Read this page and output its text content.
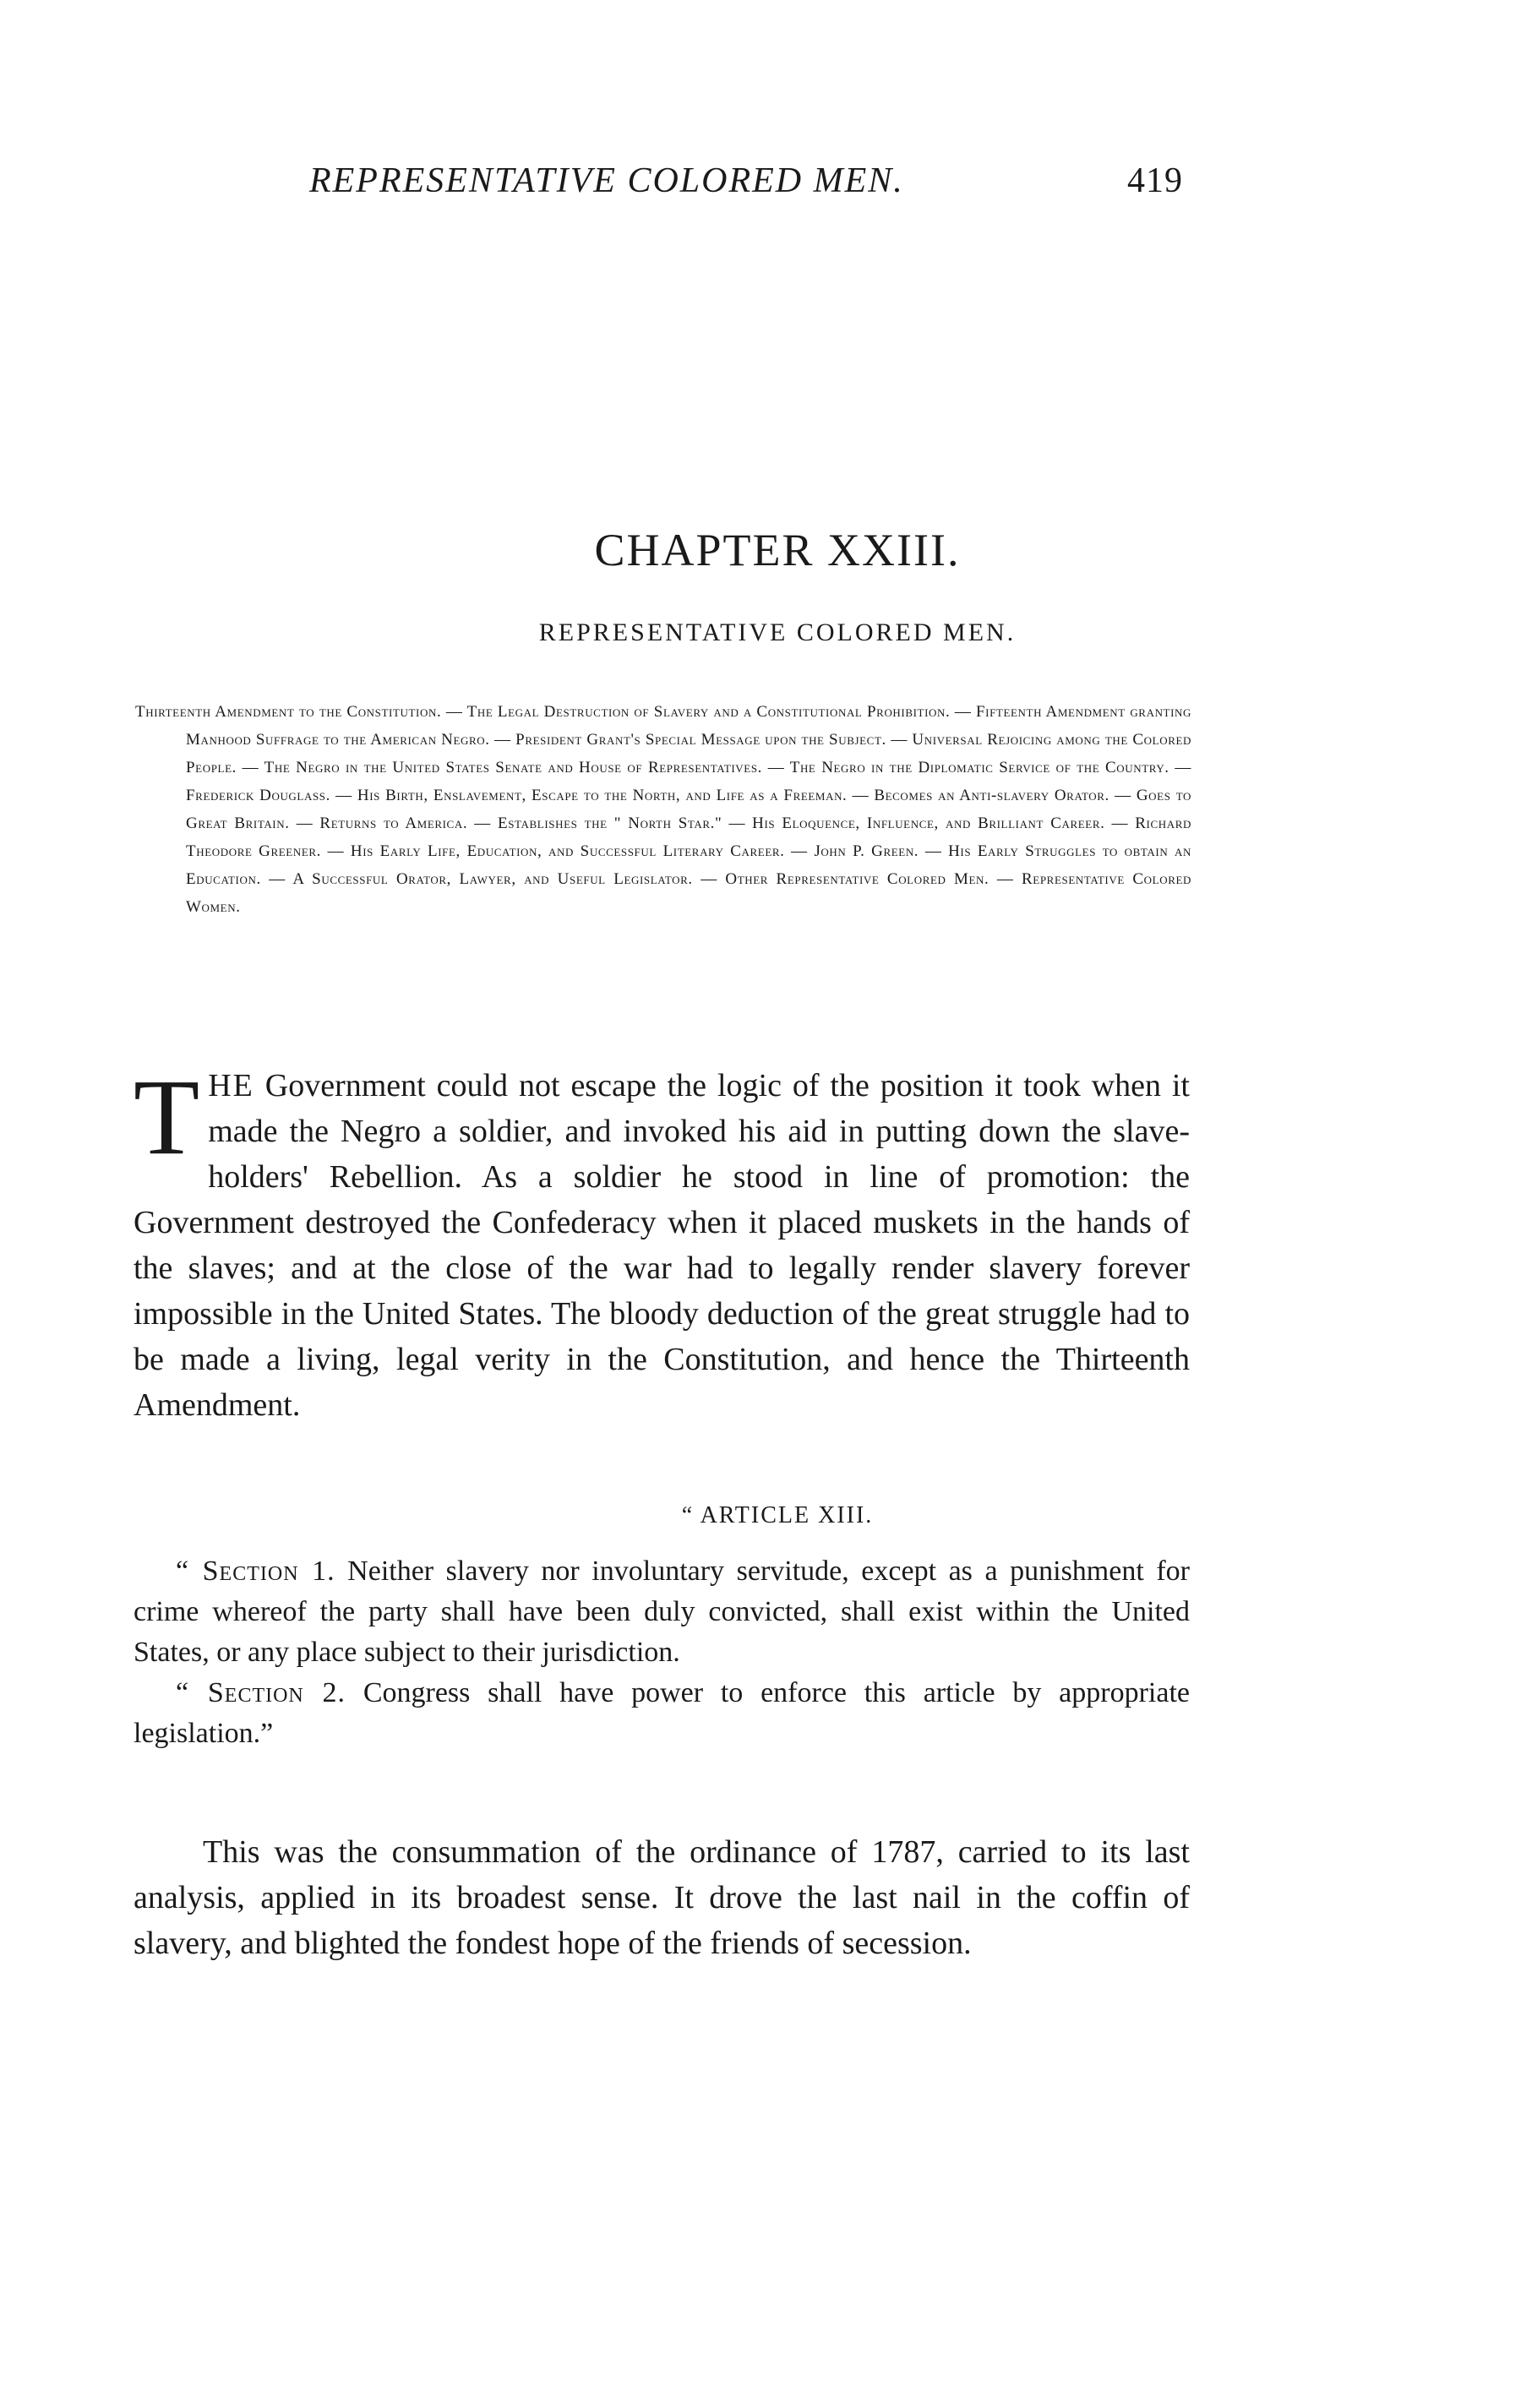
REPRESENTATIVE COLORED MEN.	419
CHAPTER XXIII.
REPRESENTATIVE COLORED MEN.
Thirteenth Amendment to the Constitution. — The Legal Destruction of Slavery and a Constitutional Prohibition. — Fifteenth Amendment granting Manhood Suffrage to the American Negro. — President Grant's Special Message upon the Subject. — Universal Rejoicing among the Colored People. — The Negro in the United States Senate and House of Representatives. — The Negro in the Diplomatic Service of the Country. — Frederick Douglass. — His Birth, Enslavement, Escape to the North, and Life as a Freeman. — Becomes an Anti-slavery Orator. — Goes to Great Britain. — Returns to America. — Establishes the " North Star." — His Eloquence, Influence, and Brilliant Career. — Richard Theodore Greener. — His Early Life, Education, and Successful Literary Career. — John P. Green. — His Early Struggles to obtain an Education. — A Successful Orator, Lawyer, and Useful Legislator. — Other Representative Colored Men. — Representative Colored Women.
THE Government could not escape the logic of the position it took when it made the Negro a soldier, and invoked his aid in putting down the slave-holders' Rebellion. As a soldier he stood in line of promotion: the Government destroyed the Confederacy when it placed muskets in the hands of the slaves; and at the close of the war had to legally render slavery forever impossible in the United States. The bloody deduction of the great struggle had to be made a living, legal verity in the Constitution, and hence the Thirteenth Amendment.
“ ARTICLE XIII.

“ Section 1. Neither slavery nor involuntary servitude, except as a punishment for crime whereof the party shall have been duly convicted, shall exist within the United States, or any place subject to their jurisdiction.

“ Section 2. Congress shall have power to enforce this article by appropriate legislation.”

This was the consummation of the ordinance of 1787, carried to its last analysis, applied in its broadest sense. It drove the last nail in the coffin of slavery, and blighted the fondest hope of the friends of secession.
